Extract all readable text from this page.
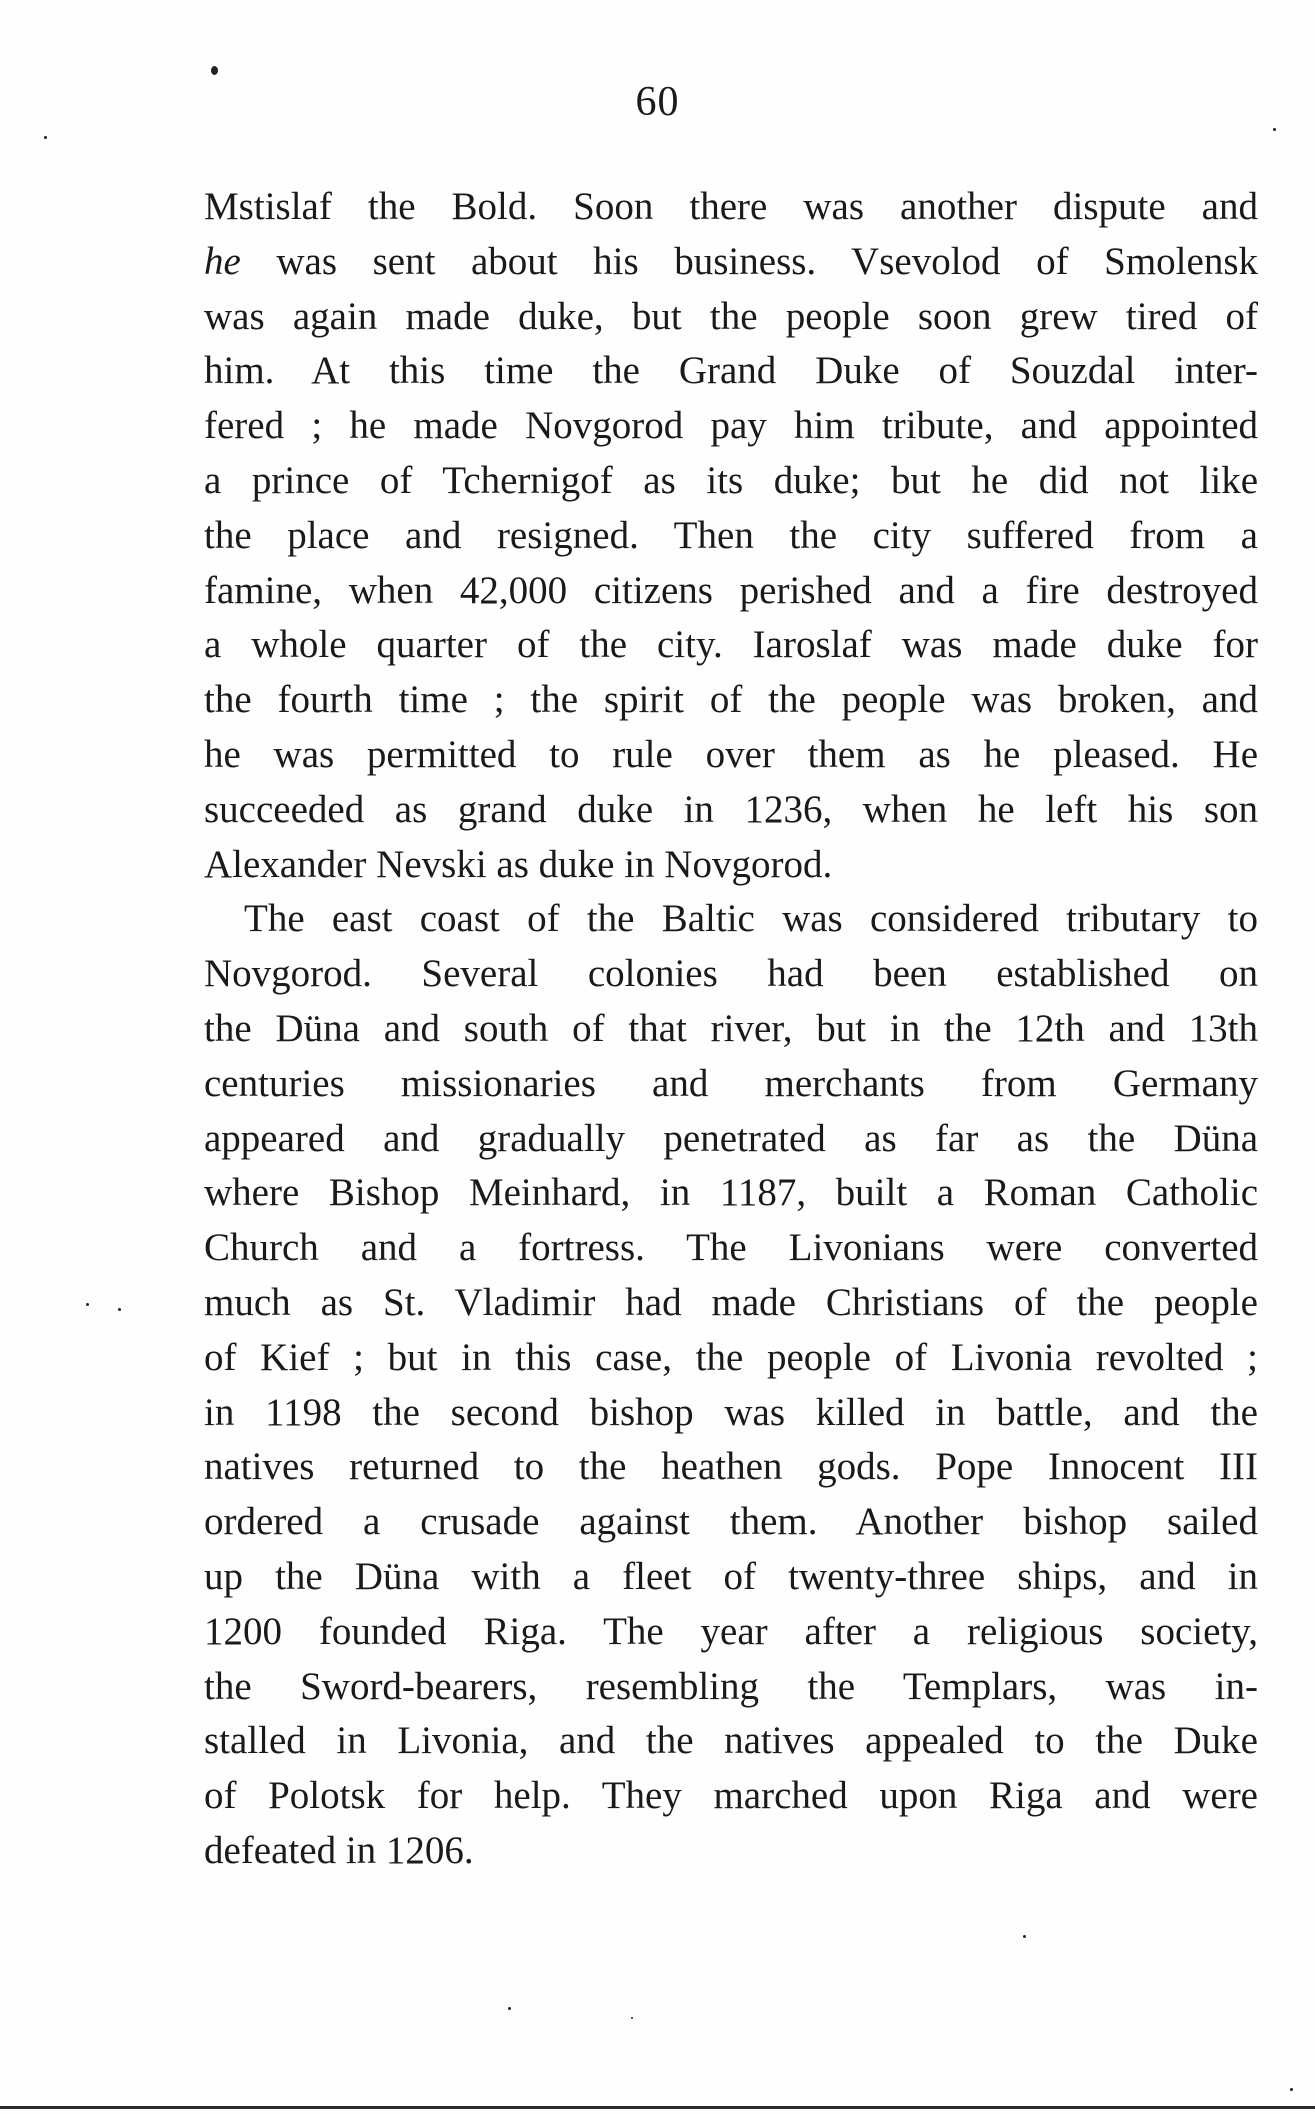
60
Mstislaf the Bold. Soon there was another dispute and
he was sent about his business. Vsevolod of Smolensk
was again made duke, but the people soon grew tired of
him. At this time the Grand Duke of Souzdal inter-
fered ; he made Novgorod pay him tribute, and appointed
a prince of Tchernigof as its duke; but he did not like
the place and resigned. Then the city suffered from a
famine, when 42,000 citizens perished and a fire destroyed
a whole quarter of the city. Iaroslaf was made duke for
the fourth time ; the spirit of the people was broken, and
he was permitted to rule over them as he pleased. He
succeeded as grand duke in 1236, when he left his son
Alexander Nevski as duke in Novgorod.
The east coast of the Baltic was considered tributary to
Novgorod. Several colonies had been established on
the Düna and south of that river, but in the 12th and 13th
centuries missionaries and merchants from Germany
appeared and gradually penetrated as far as the Düna
where Bishop Meinhard, in 1187, built a Roman Catholic
Church and a fortress. The Livonians were converted
much as St. Vladimir had made Christians of the people
of Kief ; but in this case, the people of Livonia revolted ;
in 1198 the second bishop was killed in battle, and the
natives returned to the heathen gods. Pope Innocent III
ordered a crusade against them. Another bishop sailed
up the Düna with a fleet of twenty-three ships, and in
1200 founded Riga. The year after a religious society,
the Sword-bearers, resembling the Templars, was in-
stalled in Livonia, and the natives appealed to the Duke
of Polotsk for help. They marched upon Riga and were
defeated in 1206.
